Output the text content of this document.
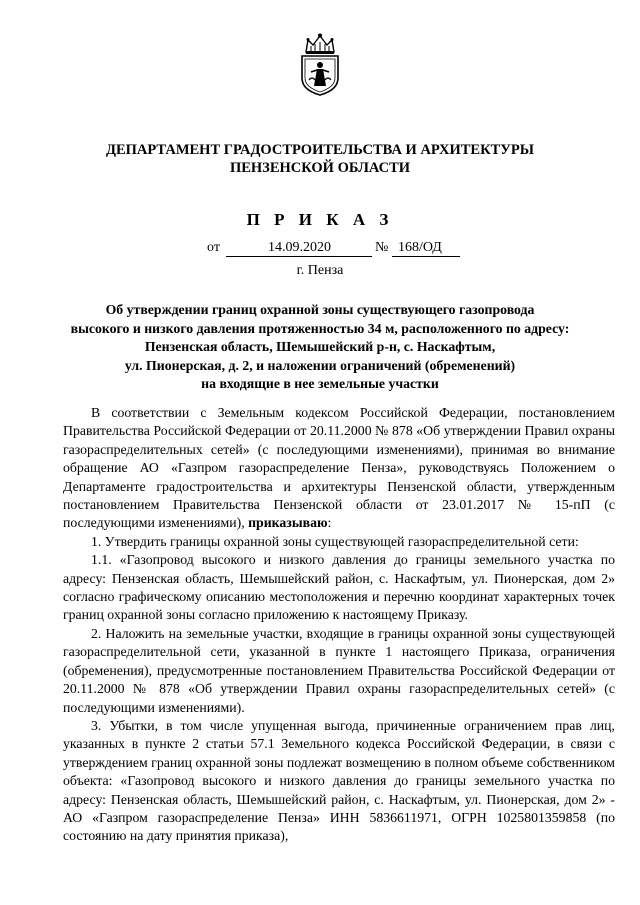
ДЕПАРТАМЕНТ ГРАДОСТРОИТЕЛЬСТВА И АРХИТЕКТУРЫ
ПЕНЗЕНСКОЙ ОБЛАСТИ
П Р И К А З
от	14.09.2020	№ 168/ОД
г. Пенза
Об утверждении границ охранной зоны существующего газопровода
высокого и низкого давления протяженностью 34 м, расположенного по адресу:
Пензенская область, Шемышейский р-н, с. Наскафтым,
ул. Пионерская, д. 2, и наложении ограничений (обременений)
на входящие в нее земельные участки

В соответствии с Земельным кодексом Российской Федерации, постановлением Правительства Российской Федерации от 20.11.2000 № 878 «Об утверждении Правил охраны газораспределительных сетей» (с последующими изменениями), принимая во внимание обращение АО «Газпром газораспределение Пенза», руководствуясь Положением о Департаменте градостроительства и архитектуры Пензенской области, утвержденным постановлением Правительства Пензенской области от 23.01.2017 № 15-пП (с последующими изменениями), приказываю:

1. Утвердить границы охранной зоны существующей газораспределительной сети:

1.1. «Газопровод высокого и низкого давления до границы земельного участка по адресу: Пензенская область, Шемышейский район, с. Наскафтым, ул. Пионерская, дом 2» согласно графическому описанию местоположения и перечню координат характерных точек границ охранной зоны согласно приложению к настоящему Приказу.

2. Наложить на земельные участки, входящие в границы охранной зоны существующей газораспределительной сети, указанной в пункте 1 настоящего Приказа, ограничения (обременения), предусмотренные постановлением Правительства Российской Федерации от 20.11.2000 № 878 «Об утверждении Правил охраны газораспределительных сетей» (с последующими изменениями).

3. Убытки, в том числе упущенная выгода, причиненные ограничением прав лиц, указанных в пункте 2 статьи 57.1 Земельного кодекса Российской Федерации, в связи с утверждением границ охранной зоны подлежат возмещению в полном объеме собственником объекта: «Газопровод высокого и низкого давления до границы земельного участка по адресу: Пензенская область, Шемышейский район, с. Наскафтым, ул. Пионерская, дом 2» - АО «Газпром газораспределение Пенза» ИНН 5836611971, ОГРН 1025801359858 (по состоянию на дату принятия приказа),
